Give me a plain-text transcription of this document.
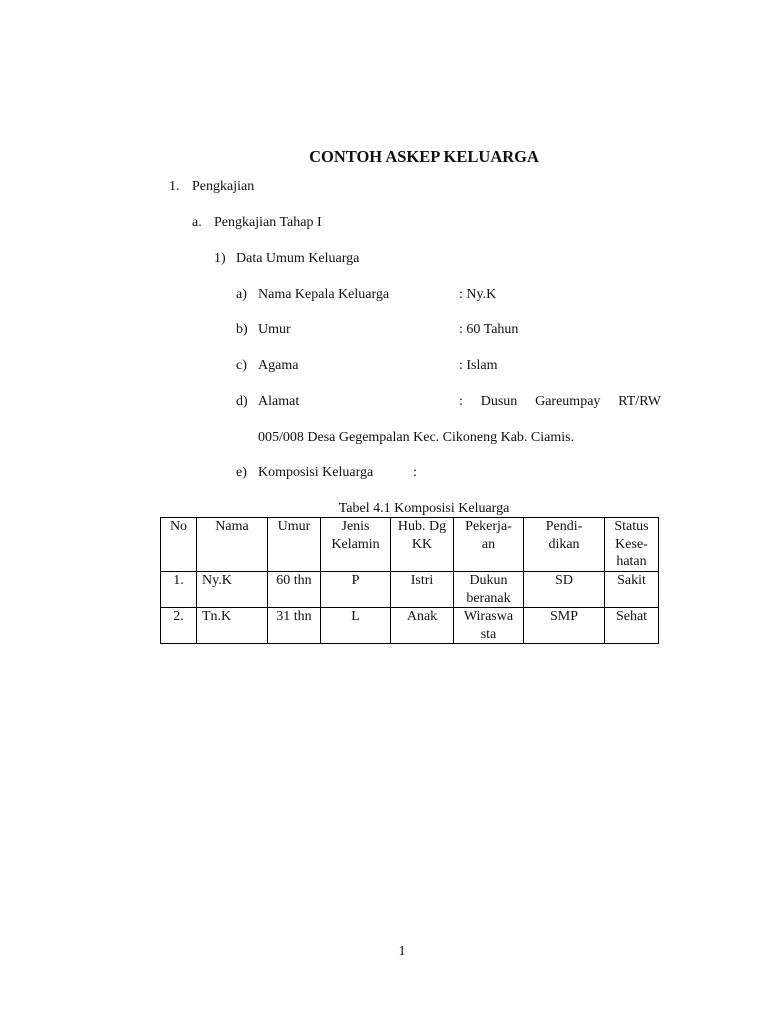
CONTOH ASKEP KELUARGA
1. Pengkajian
a. Pengkajian Tahap I
1) Data Umum Keluarga
a) Nama Kepala Keluarga	: Ny.K
b) Umur	: 60 Tahun
c) Agama	: Islam
d) Alamat	: Dusun Gareumpay RT/RW
005/008 Desa Gegempalan Kec. Cikoneng Kab. Ciamis.
e) Komposisi Keluarga	:
Tabel 4.1 Komposisi Keluarga
No	Nama	Umur	Jenis Kelamin	Hub. Dg KK	Pekerja-an	Pendi-dikan	Status Kese-hatan
1.	Ny.K	60 thn	P	Istri	Dukun beranak	SD	Sakit
2.	Tn.K	31 thn	L	Anak	Wiraswa sta	SMP	Sehat
1
